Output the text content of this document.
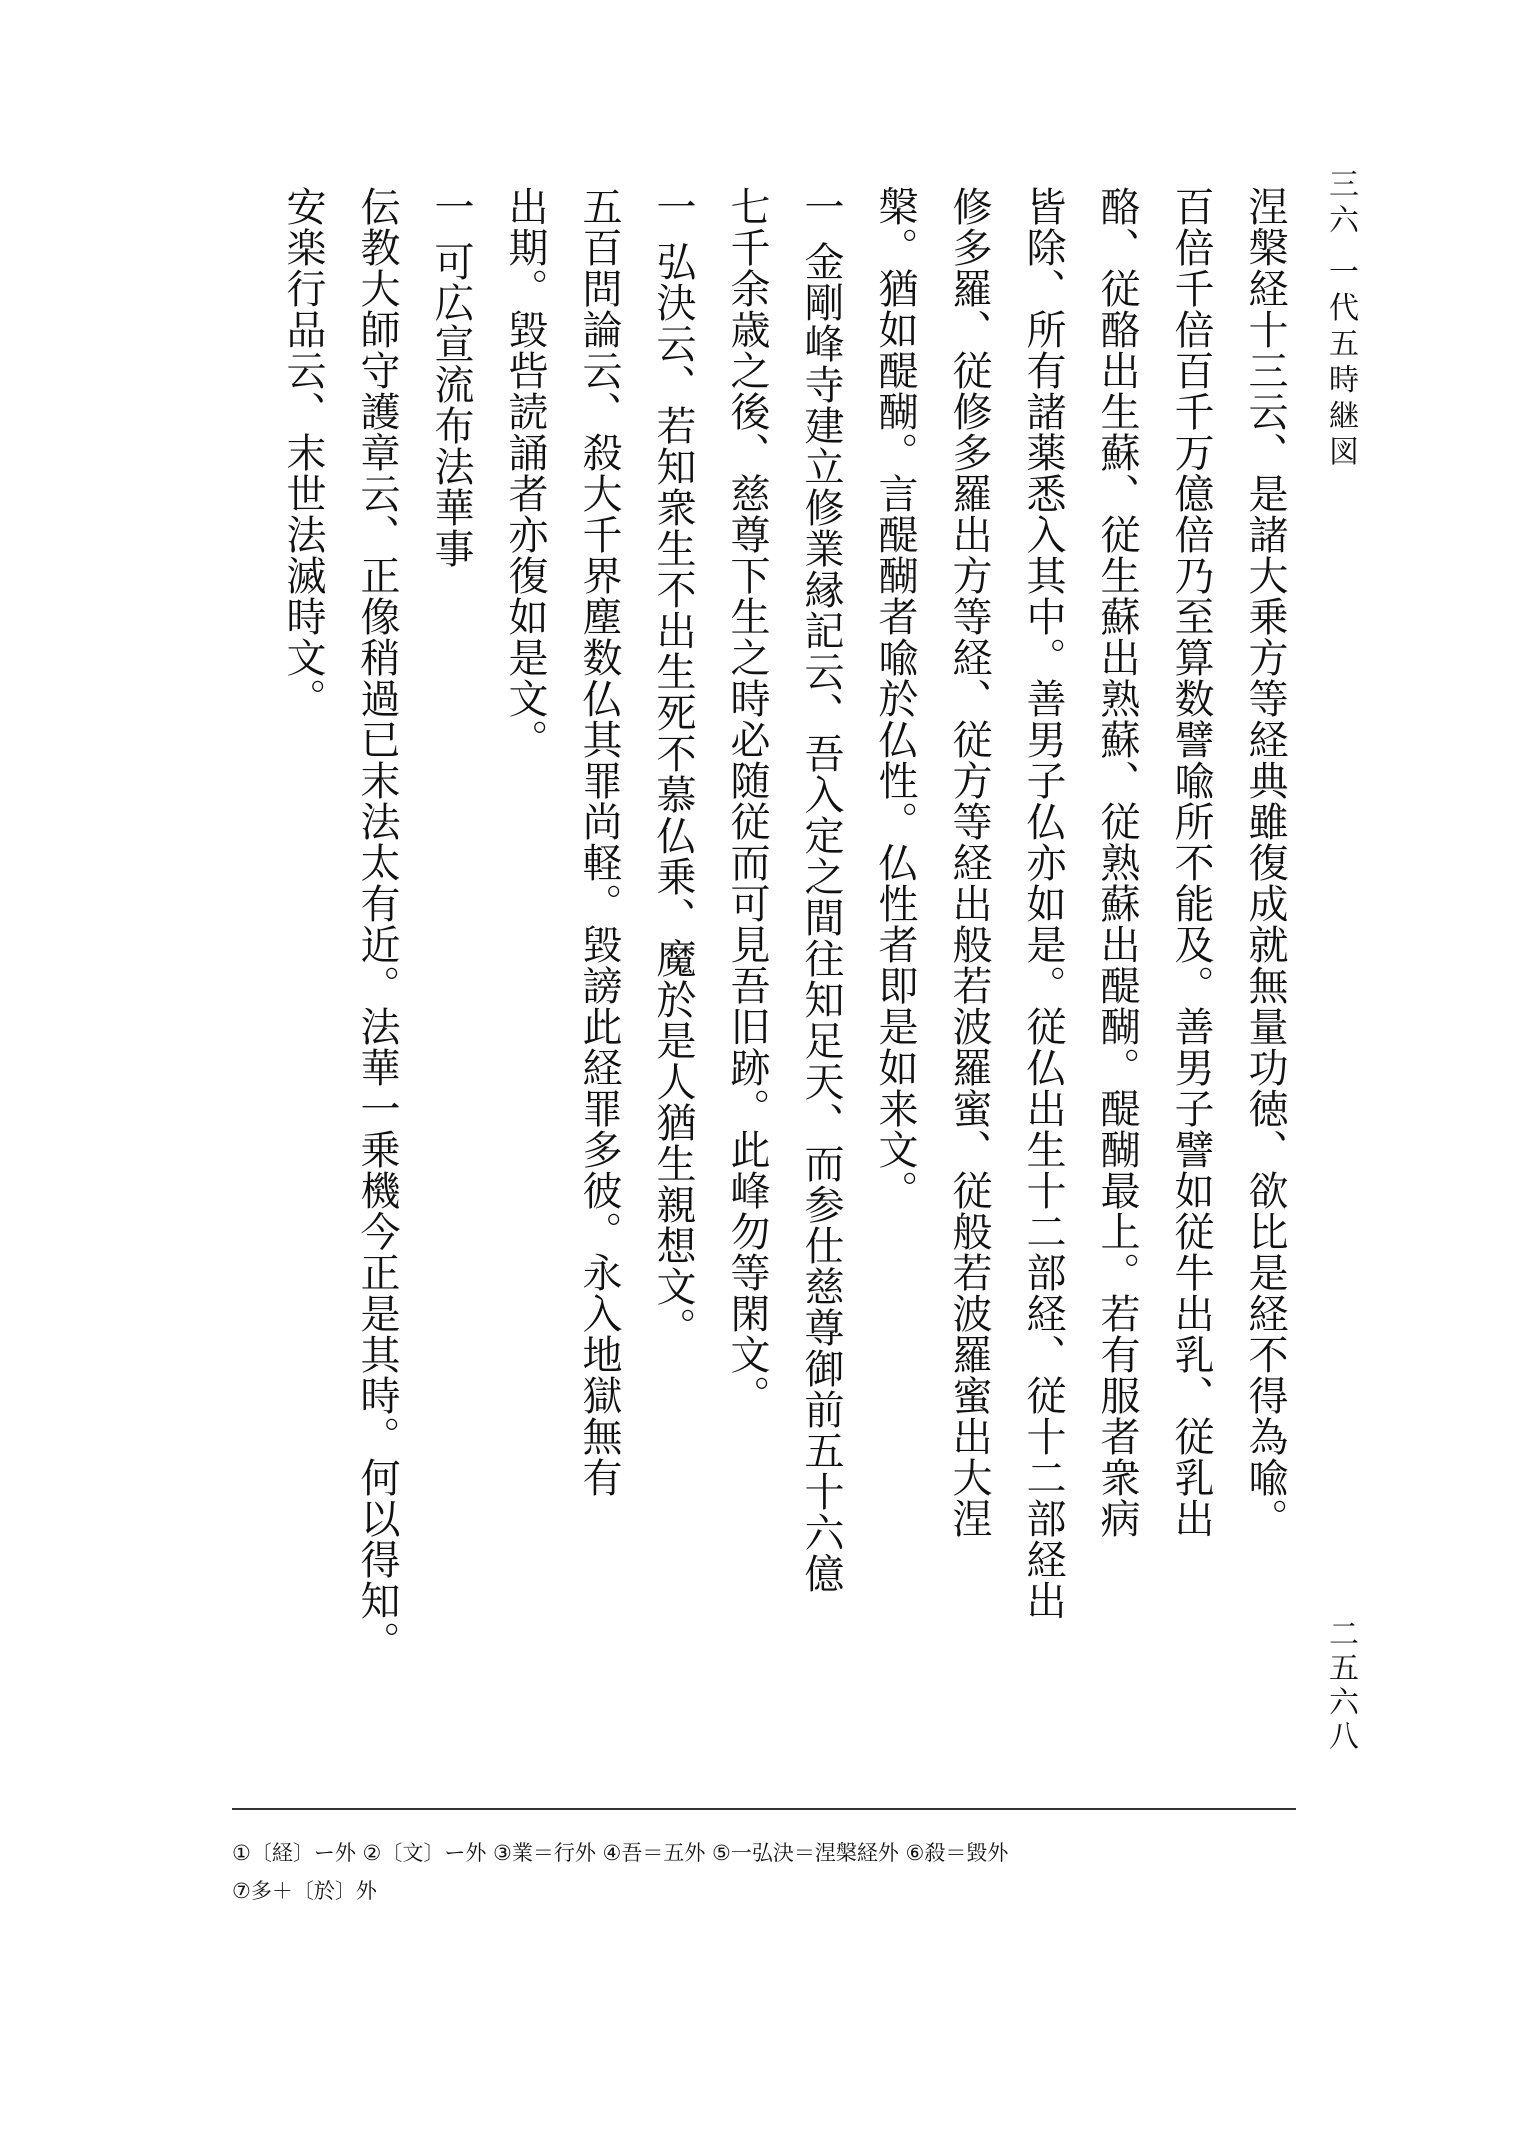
三六 一代五時継図
二五六八
涅槃経十三云、是諸大乗方等経典雖復成就無量功徳、欲比是経不得為喩。
百倍千倍百千万億倍乃至算数譬喩所不能及。善男子譬如従牛出乳、従乳出
酪、従酪出生蘇、従生蘇出熟蘇、従熟蘇出醍醐。醍醐最上。若有服者衆病
皆除、所有諸薬悉入其中。善男子仏亦如是。従仏出生十二部経、従十二部経出
修多羅、従修多羅出方等経、従方等経出般若波羅蜜、従般若波羅蜜出大涅
槃。猶如醍醐。言醍醐者喩於仏性。仏性者即是如来文。
一 金剛峰寺建立修業縁記云、吾入定之間往知足天、而参仕慈尊御前五十六億
七千余歳之後、慈尊下生之時必随従而可見吾旧跡。此峰勿等閑文。
一 弘決云、若知衆生不出生死不慕仏乗、魔於是人猶生親想文。
五百問論云、殺大千界塵数仏其罪尚軽。毀謗此経罪多彼。永入地獄無有
出期。毀呰読誦者亦復如是文。
一 可広宣流布法華事
伝教大師守護章云、正像稍過已末法太有近。法華一乗機今正是其時。何以得知。
安楽行品云、末世法滅時文。
①〔経〕ー外 ②〔文〕ー外 ③業＝行外 ④吾＝五外 ⑤一弘決＝涅槃経外 ⑥殺＝毀外
⑦多＋〔於〕外
